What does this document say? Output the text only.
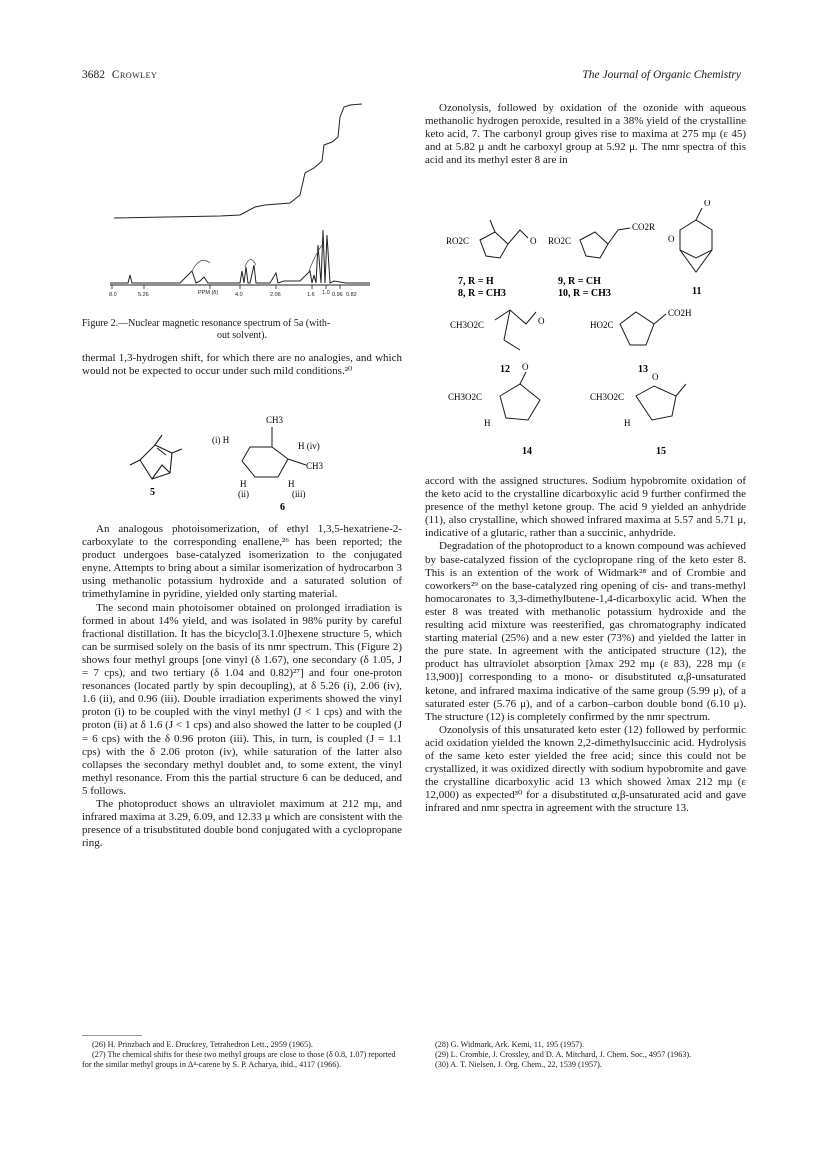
3682 Crowley	The Journal of Organic Chemistry
8.0	5.26	PPM (δ)	4.0	2.06	1.6 1.0 0.96 0.82
Figure 2.—Nuclear magnetic resonance spectrum of 5a (with-
out solvent).

thermal 1,3-hydrogen shift, for which there are no analogies, and which would not be expected to occur under such mild conditions.²⁰

5
CH3
(i) H
H (iv)
CH3
H	H
(ii)	(iii)
6

An analogous photoisomerization, of ethyl 1,3,5-hexatriene-2-carboxylate to the corresponding enallene,²⁶ has been reported; the product undergoes base-catalyzed isomerization to the conjugated enyne. Attempts to bring about a similar isomerization of hydrocarbon 3 using methanolic potassium hydroxide and a saturated solution of trimethylamine in pyridine, yielded only starting material.

The second main photoisomer obtained on prolonged irradiation is formed in about 14% yield, and was isolated in 98% purity by careful fractional distillation. It has the bicyclo[3.1.0]hexene structure 5, which can be surmised solely on the basis of its nmr spectrum. This (Figure 2) shows four methyl groups [one vinyl (δ 1.67), one secondary (δ 1.05, J = 7 cps), and two tertiary (δ 1.04 and 0.82)²⁷] and four one-proton resonances (located partly by spin decoupling), at δ 5.26 (i), 2.06 (iv), 1.6 (ii), and 0.96 (iii). Double irradiation experiments showed the vinyl proton (i) to be coupled with the vinyl methyl (J < 1 cps) and with the proton (ii) at δ 1.6 (J < 1 cps) and also showed the latter to be coupled (J = 6 cps) with the δ 0.96 proton (iii). This, in turn, is coupled (J = 1.1 cps) with the δ 2.06 proton (iv), while saturation of the latter also collapses the secondary methyl doublet and, to some extent, the vinyl methyl resonance. From this the partial structure 6 can be deduced, and 5 follows.

The photoproduct shows an ultraviolet maximum at 212 mμ, and infrared maxima at 3.29, 6.09, and 12.33 μ which are consistent with the presence of a trisubstituted double bond conjugated with a cyclopropane ring.

Ozonolysis, followed by oxidation of the ozonide with aqueous methanolic hydrogen peroxide, resulted in a 38% yield of the crystalline keto acid, 7. The carbonyl group gives rise to maxima at 275 mμ (ε 45) and at 5.82 μ andt he carboxyl group at 5.92 μ. The nmr spectra of this acid and its methyl ester 8 are in

RO2C	O
7, R = H
8, R = CH3
RO2C
CO2R
9, R = CH
10, R = CH3
O
O
11
CH3O2C	O
12
HO2C
CO2H
13
O
CH3O2C
H
14
O
CH3O2C
H
15

accord with the assigned structures. Sodium hypobromite oxidation of the keto acid to the crystalline dicarboxylic acid 9 further confirmed the presence of the methyl ketone group. The acid 9 yielded an anhydride (11), also crystalline, which showed infrared maxima at 5.57 and 5.71 μ, indicative of a glutaric, rather than a succinic, anhydride.

Degradation of the photoproduct to a known compound was achieved by base-catalyzed fission of the cyclopropane ring of the keto ester 8. This is an extention of the work of Widmark²⁸ and of Crombie and coworkers²⁹ on the base-catalyzed ring opening of cis- and trans-methyl homocaronates to 3,3-dimethylbutene-1,4-dicarboxylic acid. When the ester 8 was treated with methanolic potassium hydroxide and the resulting acid mixture was reesterified, gas chromatography indicated starting material (25%) and a new ester (73%) and yielded the latter in the pure state. In agreement with the anticipated structure (12), the product has ultraviolet absorption [λmax 292 mμ (ε 83), 228 mμ (ε 13,900)] corresponding to a mono- or disubstituted α,β-unsaturated ketone, and infrared maxima indicative of the same group (5.99 μ), of a saturated ester (5.76 μ), and of a carbon–carbon double bond (6.10 μ). The structure (12) is completely confirmed by the nmr spectrum.

Ozonolysis of this unsaturated keto ester (12) followed by performic acid oxidation yielded the known 2,2-dimethylsuccinic acid. Hydrolysis of the same keto ester yielded the free acid; since this could not be crystallized, it was oxidized directly with sodium hypobromite and gave the crystalline dicarboxylic acid 13 which showed λmax 212 mμ (ε 12,000) as expected³⁰ for a disubstituted α,β-unsaturated acid and gave infrared and nmr spectra in agreement with the structure 13.

(26) H. Prinzbach and E. Druckrey, Tetrahedron Lett., 2959 (1965).

(27) The chemical shifts for these two methyl groups are close to those (δ 0.8, 1.07) reported for the similar methyl groups in Δ⁴-carene by S. P. Acharya, ibid., 4117 (1966).

(28) G. Widmark, Ark. Kemi, 11, 195 (1957).

(29) L. Crombie, J. Crossley, and D. A. Mitchard, J. Chem. Soc., 4957 (1963).

(30) A. T. Nielsen, J. Org. Chem., 22, 1539 (1957).
